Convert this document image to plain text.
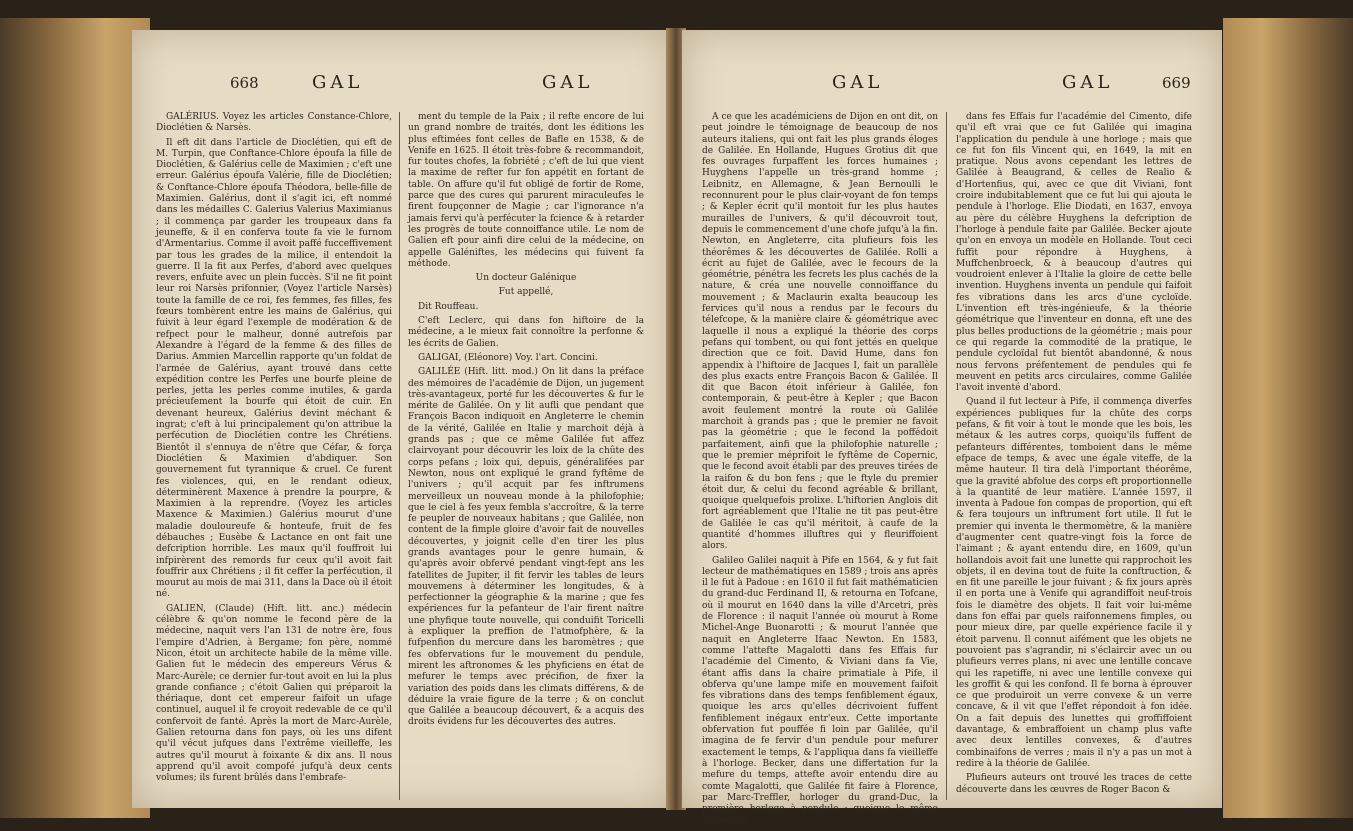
668	GAL	GAL

GALÉRIUS. Voyez les articles Constance-Chlore, Dioclétien & Narsès.

Il eft dit dans l'article de Dioclétien, qui eft de M. Turpin, que Conftance-Chlore époufa la fille de Dioclétien, & Galérius celle de Maximien ; c'eft une erreur. Galérius époufa Valérie, fille de Dioclétien; & Conftance-Chlore époufa Théodora, belle-fille de Maximien. Galérius, dont il s'agit ici, eft nommé dans les médailles C. Galerius Valerius Maximianus ; il commença par garder les troupeaux dans fa jeuneffe, & il en conferva toute fa vie le furnom d'Armentarius. Comme il avoit paffé fucceffivement par tous les grades de la milice, il entendoit la guerre. Il la fit aux Perfes, d'abord avec quelques revers, enfuite avec un plein fuccès. S'il ne fit point leur roi Narsès prifonnier, (Voyez l'article Narsès) toute la famille de ce roi, fes femmes, fes filles, fes fœurs tombèrent entre les mains de Galérius, qui fuivit à leur égard l'exemple de modération & de refpect pour le malheur, donné autrefois par Alexandre à l'égard de la femme & des filles de Darius. Ammien Marcellin rapporte qu'un foldat de l'armée de Galérius, ayant trouvé dans cette expédition contre les Perfes une bourfe pleine de perles, jetta les perles comme inutiles, & garda précieufement la bourfe qui étoit de cuir. En devenant heureux, Galérius devint méchant & ingrat; c'eft à lui principalement qu'on attribue la perfécution de Dioclétien contre les Chrétiens. Bientôt il s'ennuya de n'être que Céfar, & força Dioclétien & Maximien d'abdiquer. Son gouvernement fut tyrannique & cruel. Ce furent fes violences, qui, en le rendant odieux, déterminèrent Maxence à prendre la pourpre, & Maximien à la reprendre. (Voyez les articles Maxence & Maximien.) Galérius mourut d'une maladie douloureufe & honteufe, fruit de fes débauches ; Eusèbe & Lactance en ont fait une defcription horrible. Les maux qu'il fouffroit lui infpirèrent des remords fur ceux qu'il avoit fait fouffrir aux Chrétiens ; il fit ceffer la perfécution, il mourut au mois de mai 311, dans la Dace où il étoit né.

GALIEN, (Claude) (Hift. litt. anc.) médecin célèbre & qu'on nomme le fecond père de la médecine, naquit vers l'an 131 de notre ère, fous l'empire d'Adrien, à Bergame; fon père, nommé Nicon, étoit un architecte habile de la même ville. Galien fut le médecin des empereurs Vérus & Marc-Aurèle; ce dernier fur-tout avoit en lui la plus grande confiance ; c'étoit Galien qui préparoit la thériaque, dont cet empereur faifoit un ufage continuel, auquel il fe croyoit redevable de ce qu'il confervoit de fanté. Après la mort de Marc-Aurèle, Galien retourna dans fon pays, où les uns difent qu'il vécut jufques dans l'extrême vieilleffe, les autres qu'il mourut à foixante & dix ans. Il nous apprend qu'il avoit compofé jufqu'à deux cents volumes; ils furent brûlés dans l'embrafe-

ment du temple de la Paix ; il refte encore de lui un grand nombre de traités, dont les éditions les plus eftimées font celles de Bafle en 1538, & de Venife en 1625. Il étoit très-fobre & recommandoit, fur toutes chofes, la fobriété ; c'eft de lui que vient la maxime de refter fur fon appétit en fortant de table. On affure qu'il fut obligé de fortir de Rome, parce que des cures qui parurent miraculeufes le firent foupçonner de Magie ; car l'ignorance n'a jamais fervi qu'à perfécuter la fcience & à retarder les progrès de toute connoiffance utile. Le nom de Galien eft pour ainfi dire celui de la médecine, on appelle Galéniftes, les médecins qui fuivent fa méthode.

Un docteur Galénique

Fut appellé,

Dit Rouffeau.

C'eft Leclerc, qui dans fon hiftoire de la médecine, a le mieux fait connoître la perfonne & les écrits de Galien.

GALIGAI, (Eléonore) Voy. l'art. Concini.

GALILÉE (Hift. litt. mod.) On lit dans la préface des mémoires de l'académie de Dijon, un jugement très-avantageux, porté fur les découvertes & fur le mérite de Galilée. On y lit aufli que pendant que François Bacon indiquoit en Angleterre le chemin de la vérité, Galilée en Italie y marchoit déjà à grands pas ; que ce même Galilée fut affez clairvoyant pour découvrir les loix de la chûte des corps pefans ; loix qui, depuis, généralifées par Newton, nous ont expliqué le grand fyftême de l'univers ; qu'il acquit par fes inftrumens merveilleux un nouveau monde à la philofophie; que le ciel à fes yeux fembla s'accroître, & la terre fe peupler de nouveaux habitans ; que Galilée, non content de la fimple gloire d'avoir fait de nouvelles découvertes, y joignit celle d'en tirer les plus grands avantages pour le genre humain, & qu'après avoir obfervé pendant vingt-fept ans les fatellites de Jupiter, il fit fervir les tables de leurs mouvemens à déterminer les longitudes, & à perfectionner la géographie & la marine ; que fes expériences fur la pefanteur de l'air firent naître une phyfique toute nouvelle, qui conduifit Toricelli à expliquer la preffion de l'atmofphère, & la fufpenfion du mercure dans les baromètres ; que fes obfervations fur le mouvement du pendule, mirent les aftronomes & les phyficiens en état de mefurer le temps avec précifion, de fixer la variation des poids dans les climats différens, & de déduire la vraie figure de la terre ; & on conclut que Galilée a beaucoup découvert, & a acquis des droits évidens fur les découvertes des autres.

GAL	GAL	669

A ce que les académiciens de Dijon en ont dit, on peut joindre le témoignage de beaucoup de nos auteurs italiens, qui ont fait les plus grands éloges de Galilée. En Hollande, Hugues Grotius dit que fes ouvrages furpaffent les forces humaines ; Huyghens l'appelle un très-grand homme ; Leibnitz, en Allemagne, & Jean Bernoulli le reconnurent pour le plus clair-voyant de fon temps ; & Kepler écrit qu'il montoit fur les plus hautes murailles de l'univers, & qu'il découvroit tout, depuis le commencement d'une chofe jufqu'à la fin. Newton, en Angleterre, cita plufieurs fois les théorêmes & les découvertes de Galilée. Rolli a écrit au fujet de Galilée, avec le fecours de la géométrie, pénétra les fecrets les plus cachés de la nature, & créa une nouvelle connoiffance du mouvement ; & Maclaurin exalta beaucoup les fervices qu'il nous a rendus par le fecours du télefcope, & la manière claire & géométrique avec laquelle il nous a expliqué la théorie des corps pefans qui tombent, ou qui font jettés en quelque direction que ce foit. David Hume, dans fon appendix à l'hiftoire de Jacques I, fait un parallèle des plus exacts entre François Bacon & Galilée. Il dit que Bacon étoit inférieur à Galilée, fon contemporain, & peut-être à Kepler ; que Bacon avoit feulement montré la route où Galilée marchoit à grands pas ; que le premier ne favoit pas la géométrie ; que le fecond la poffédoit parfaitement, ainfi que la philofophie naturelle ; que le premier méprifoit le fyftême de Copernic, que le fecond avoit établi par des preuves tirées de la raifon & du bon fens ; que le ftyle du premier étoit dur, & celui du fecond agréable & brillant, quoique quelquefois prolixe. L'hiftorien Anglois dit fort agréablement que l'Italie ne tit pas peut-être de Galilée le cas qu'il méritoit, à caufe de la quantité d'hommes illuftres qui y fleuriffoient alors.

Galileo Galilei naquit à Pife en 1564, & y fut fait lecteur de mathématiques en 1589 ; trois ans après il le fut à Padoue : en 1610 il fut fait mathématicien du grand-duc Ferdinand II, & retourna en Tofcane, où il mourut en 1640 dans la ville d'Arcetri, près de Florence : il naquit l'année où mourut à Rome Michel-Ange Buonarotti ; & mourut l'année que naquit en Angleterre Ifaac Newton. En 1583, comme l'attefte Magalotti dans fes Effais fur l'académie del Cimento, & Viviani dans fa Vie, étant affis dans la chaire primatiale à Pife, il obferva qu'une lampe mife en mouvement faifoit fes vibrations dans des temps fenfiblement égaux, quoique les arcs qu'elles décrivoient fuffent fenfiblement inégaux entr'eux. Cette importante obfervation fut pouffée fi loin par Galilée, qu'il imagina de fe fervir d'un pendule pour mefurer exactement le temps, & l'appliqua dans fa vieilleffe à l'horloge. Becker, dans une differtation fur la mefure du temps, attefte avoir entendu dire au comte Magalotti, que Galilée fit faire à Florence, par Marc-Treffler, horloger du grand-Duc, la première horloge à pendule ; quoique le même Magalotti,

dans fes Effais fur l'académie del Cimento, dife qu'il eft vrai que ce fut Galilée qui imagina l'application du pendule à une horloge ; mais que ce fut fon fils Vincent qui, en 1649, la mit en pratique. Nous avons cependant les lettres de Galilée à Beaugrand, & celles de Realio & d'Hortenfius, qui, avec ce que dit Viviani, font croire indubitablement que ce fut lui qui ajouta le pendule à l'horloge. Elie Diodati, en 1637, envoya au père du célèbre Huyghens la defcription de l'horloge à pendule faite par Galilée. Becker ajoute qu'on en envoya un modèle en Hollande. Tout ceci fuffit pour répondre à Huyghens, à Muffchenbroeck, & à beaucoup d'autres qui voudroient enlever à l'Italie la gloire de cette belle invention. Huyghens inventa un pendule qui faifoit fes vibrations dans les arcs d'une cycloïde. L'invention eft très-ingénieufe, & la théorie géométrique que l'inventeur en donna, eft une des plus belles productions de la géométrie ; mais pour ce qui regarde la commodité de la pratique, le pendule cycloïdal fut bientôt abandonné, & nous nous fervons préfentement de pendules qui fe meuvent en petits arcs circulaires, comme Galilée l'avoit inventé d'abord.

Quand il fut lecteur à Pife, il commença diverfes expériences publiques fur la chûte des corps pefans, & fit voir à tout le monde que les bois, les métaux & les autres corps, quoiqu'ils fuffent de pefanteurs différentes, tomboient dans le même efpace de temps, & avec une égale viteffe, de la même hauteur. Il tira delà l'important théorême, que la gravité abfolue des corps eft proportionnelle à la quantité de leur matière. L'année 1597, il inventa à Padoue fon compas de proportion, qui eft & fera toujours un inftrument fort utile. Il fut le premier qui inventa le thermomètre, & la manière d'augmenter cent quatre-vingt fois la force de l'aimant ; & ayant entendu dire, en 1609, qu'un hollandois avoit fait une lunette qui rapprochoit les objets, il en devina tout de fuite la conftruction, & en fit une pareille le jour fuivant ; & fix jours après il en porta une à Venife qui agrandiffoit neuf-trois fois le diamètre des objets. Il fait voir lui-même dans fon effai par quels raifonnemens fimples, ou pour mieux dire, par quelle expérience facile il y étoit parvenu. Il connut aifément que les objets ne pouvoient pas s'agrandir, ni s'éclaircir avec un ou plufieurs verres plans, ni avec une lentille concave qui les rapetiffe, ni avec une lentille convexe qui les groffit & qui les confond. Il fe borna à éprouver ce que produiroit un verre convexe & un verre concave, & il vit que l'effet répondoit à fon idée. On a fait depuis des lunettes qui groffiffoient davantage, & embraffoient un champ plus vafte avec deux lentilles convexes, & d'autres combinaifons de verres ; mais il n'y a pas un mot à redire à la théorie de Galilée.

Plufieurs auteurs ont trouvé les traces de cette découverte dans les œuvres de Roger Bacon &
